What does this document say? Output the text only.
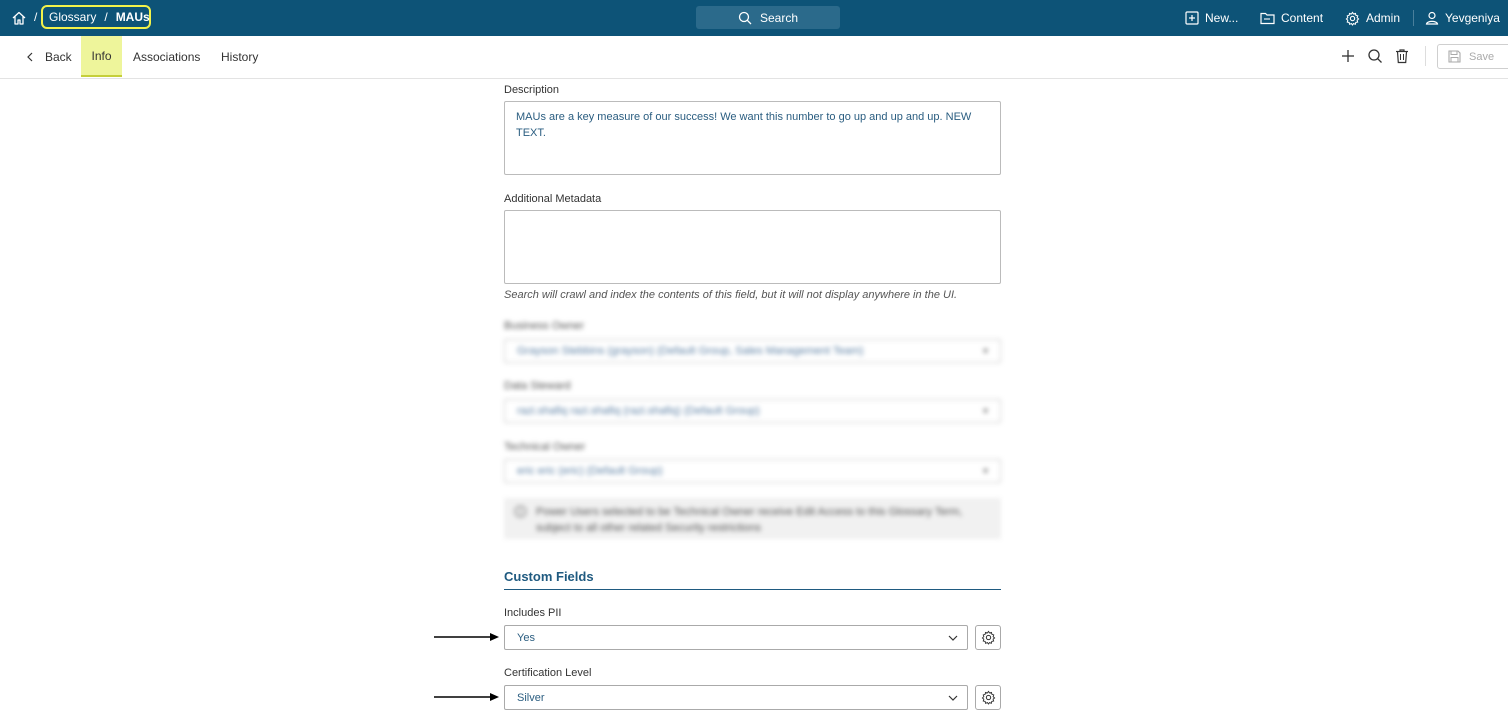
/ Glossary / MAUs	Search	New...	Content	Admin	Yevgeniya
Back Info Associations History	Save
Description
MAUs are a key measure of our success! We want this number to go up and up and up. NEW TEXT.
Additional Metadata
Search will crawl and index the contents of this field, but it will not display anywhere in the UI.
Business Owner
Grayson Stebbins (grayson) (Default Group, Sales Management Team)	▼
Data Steward
razi.shafiq razi.shafiq (razi.shafiq) (Default Group)	▼
Technical Owner
eric eric (eric) (Default Group)	▼
Power Users selected to be Technical Owner receive Edit Access to this Glossary Term, subject to all other related Security restrictions
Custom Fields
Includes PII
Yes
Certification Level
Silver
